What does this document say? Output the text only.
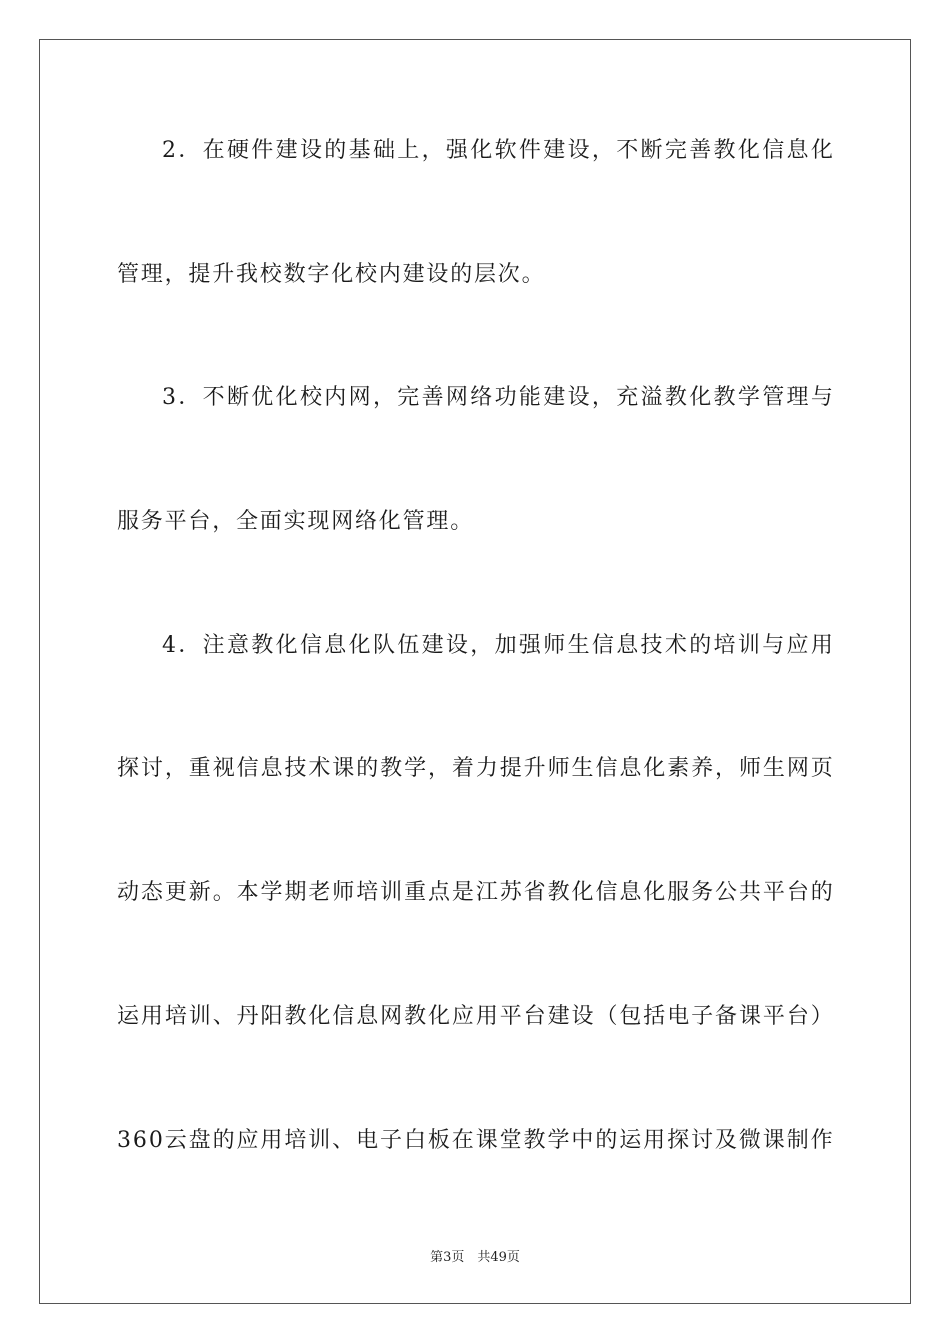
2 ． 在 硬 件 建 设 的 基 础 上 ， 强 化 软 件 建 设 ， 不 断 完 善 教 化 信 息 化
管理，提升我校数字化校内建设的层次。
3 ． 不 断 优 化 校 内 网 ， 完 善 网 络 功 能 建 设 ， 充 溢 教 化 教 学 管 理 与
服务平台，全面实现网络化管理。
4 ． 注 意 教 化 信 息 化 队 伍 建 设 ， 加 强 师 生 信 息 技 术 的 培 训 与 应 用
探 讨 ， 重 视 信 息 技 术 课 的 教 学 ， 着 力 提 升 师 生 信 息 化 素 养 ， 师 生 网 页
动 态 更 新 。 本 学 期 老 师 培 训 重 点 是 江 苏 省 教 化 信 息 化 服 务 公 共 平 台 的
运 用 培 训 、 丹 阳 教 化 信 息 网 教 化 应 用 平 台 建 设 （ 包 括 电 子 备 课 平 台 ）
3 6 0 云 盘 的 应 用 培 训 、 电 子 白 板 在 课 堂 教 学 中 的 运 用 探 讨 及 微 课 制 作
第3页　共49页
